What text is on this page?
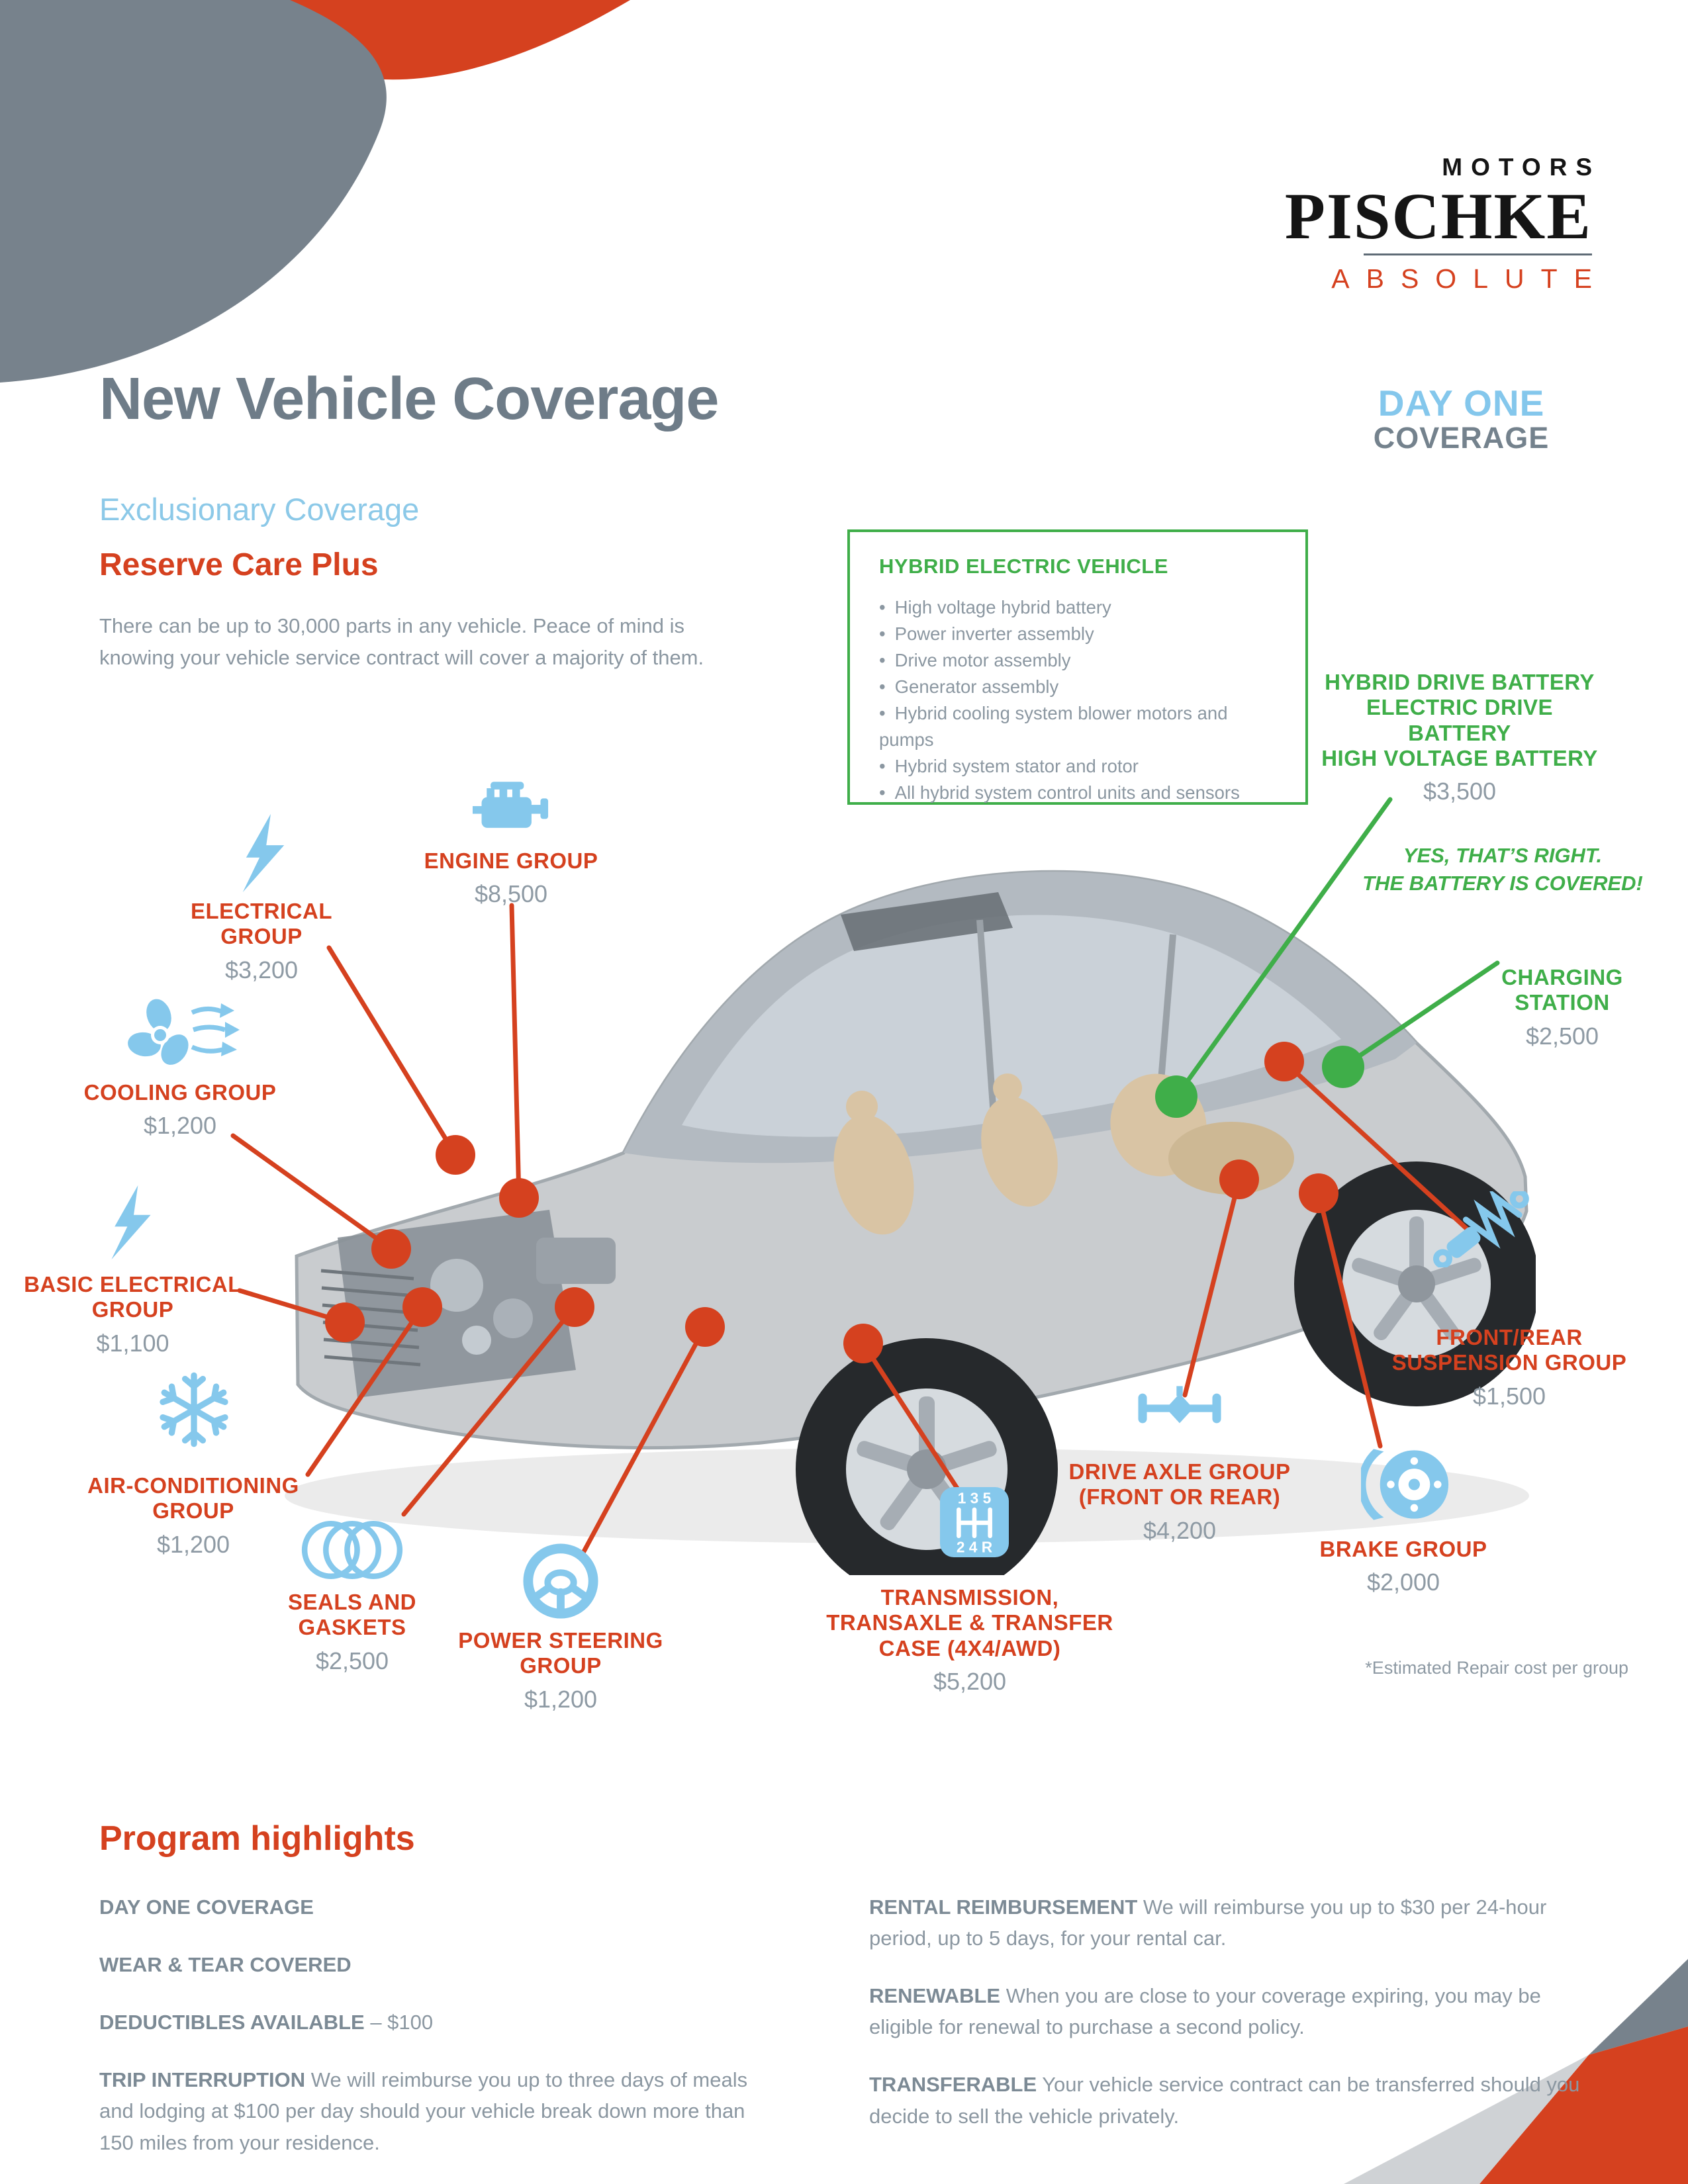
MOTORS
PISCHKE
ABSOLUTE
New Vehicle Coverage	DAY ONE
COVERAGE
Exclusionary Coverage
Reserve Care Plus
There can be up to 30,000 parts in any vehicle. Peace of mind is
knowing your vehicle service contract will cover a majority of them.
HYBRID ELECTRIC VEHICLE
• High voltage hybrid battery
• Power inverter assembly
• Drive motor assembly
• Generator assembly
• Hybrid cooling system blower motors and pumps
• Hybrid system stator and rotor
• All hybrid system control units and sensors
1 3 5
2 4 R
ENGINE GROUP
$8,500
ELECTRICAL
GROUP
$3,200
COOLING GROUP
$1,200
BASIC ELECTRICAL
GROUP
$1,100
AIR-CONDITIONING
GROUP
$1,200
SEALS AND
GASKETS
$2,500
POWER STEERING
GROUP
$1,200
TRANSMISSION,
TRANSAXLE & TRANSFER
CASE (4X4/AWD)
$5,200
DRIVE AXLE GROUP
(FRONT OR REAR)
$4,200
BRAKE GROUP
$2,000
FRONT/REAR
SUSPENSION GROUP
$1,500
HYBRID DRIVE BATTERY
ELECTRIC DRIVE BATTERY
HIGH VOLTAGE BATTERY
$3,500
YES, THAT’S RIGHT.
THE BATTERY IS COVERED!
CHARGING
STATION
$2,500
*Estimated Repair cost per group
Program highlights

DAY ONE COVERAGE

WEAR & TEAR COVERED

DEDUCTIBLES AVAILABLE – $100

TRIP INTERRUPTION We will reimburse you up to three days of meals and lodging at $100 per day should your vehicle break down more than 150 miles from your residence.

RENTAL REIMBURSEMENT We will reimburse you up to $30 per 24-hour period, up to 5 days, for your rental car.

RENEWABLE When you are close to your coverage expiring, you may be eligible for renewal to purchase a second policy.

TRANSFERABLE Your vehicle service contract can be transferred should you decide to sell the vehicle privately.
